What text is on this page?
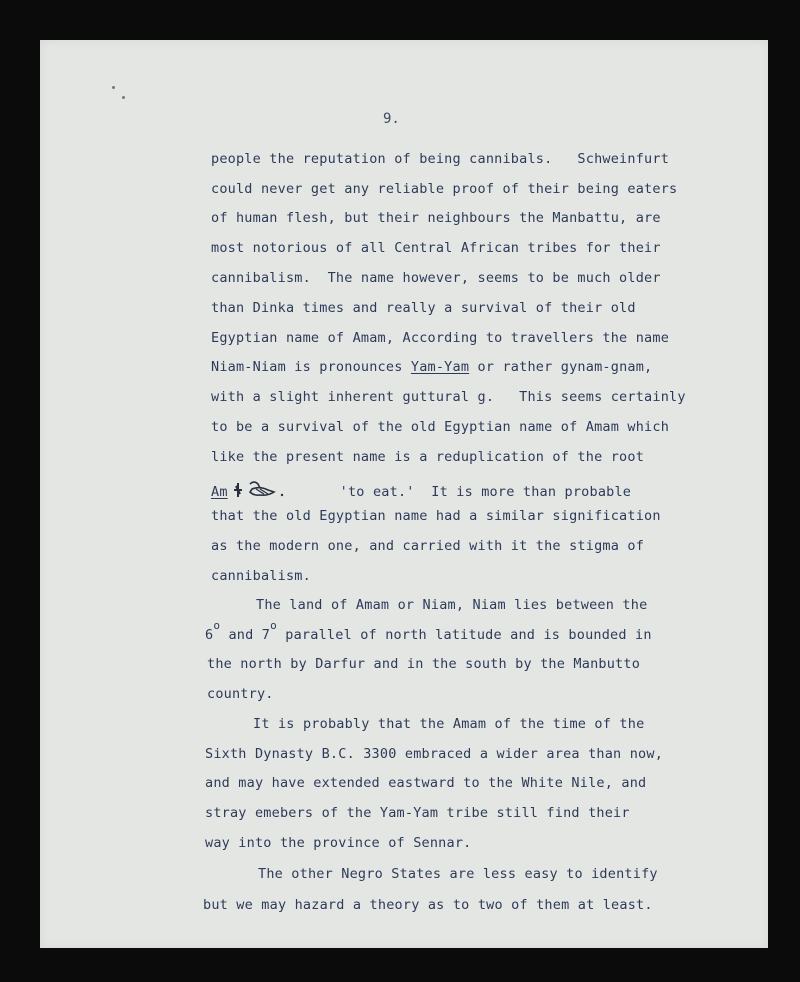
9.
people the reputation of being cannibals.   Schweinfurt
could never get any reliable proof of their being eaters
of human flesh, but their neighbours the Manbattu, are
most notorious of all Central African tribes for their
cannibalism.  The name however, seems to be much older
than Dinka times and really a survival of their old
Egyptian name of Amam, According to travellers the name
Niam-Niam is pronounces Yam-Yam or rather gynam-gnam,
with a slight inherent guttural g.   This seems certainly
to be a survival of the old Egyptian name of Amam which
like the present name is a reduplication of the root
Am	'to eat.'  It is more than probable
that the old Egyptian name had a similar signification
as the modern one, and carried with it the stigma of
cannibalism.
The land of Amam or Niam, Niam lies between the
6$^o$ and 7$^o$ parallel of north latitude and is bounded in
the north by Darfur and in the south by the Manbutto
country.
It is probably that the Amam of the time of the
Sixth Dynasty B.C. 3300 embraced a wider area than now,
and may have extended eastward to the White Nile, and
stray emebers of the Yam-Yam tribe still find their
way into the province of Sennar.
The other Negro States are less easy to identify
but we may hazard a theory as to two of them at least.
